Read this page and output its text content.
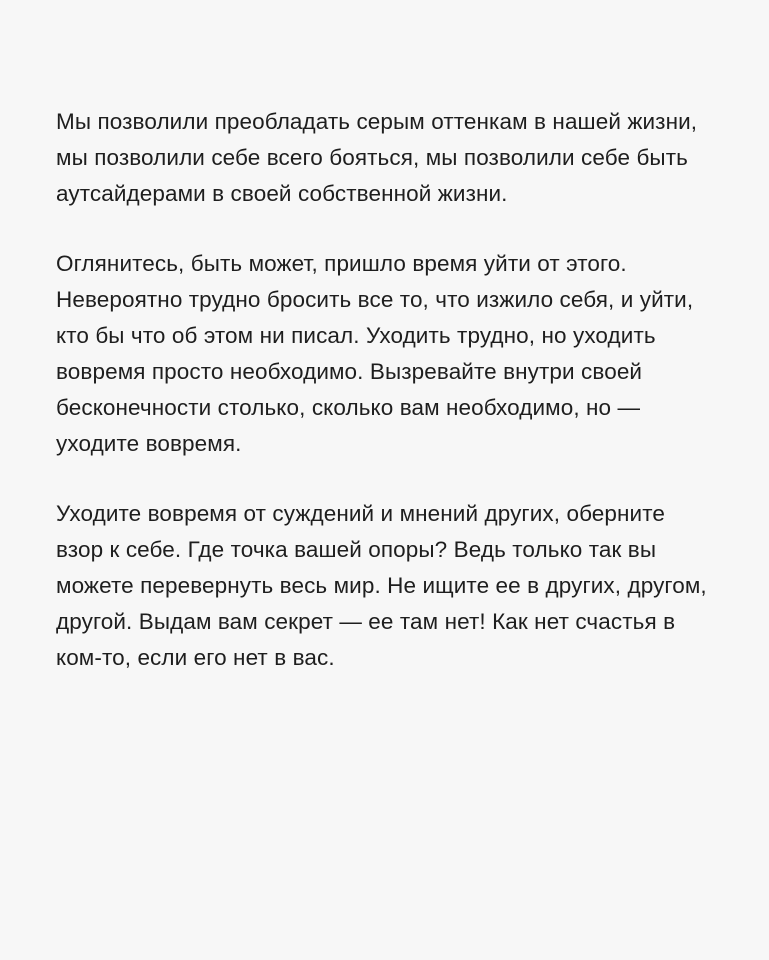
Мы позволили преобладать серым оттенкам в нашей жизни, мы позволили себе всего бояться, мы позволили себе быть аутсайдерами в своей собственной жизни.

Оглянитесь, быть может, пришло время уйти от этого. Невероятно трудно бросить все то, что изжило себя, и уйти, кто бы что об этом ни писал. Уходить трудно, но уходить вовремя просто необходимо. Вызревайте внутри своей бесконечности столько, сколько вам необходимо, но — уходите вовремя.

Уходите вовремя от суждений и мнений других, оберните взор к себе. Где точка вашей опоры? Ведь только так вы можете перевернуть весь мир. Не ищите ее в других, другом, другой. Выдам вам секрет — ее там нет! Как нет счастья в ком-то, если его нет в вас.
